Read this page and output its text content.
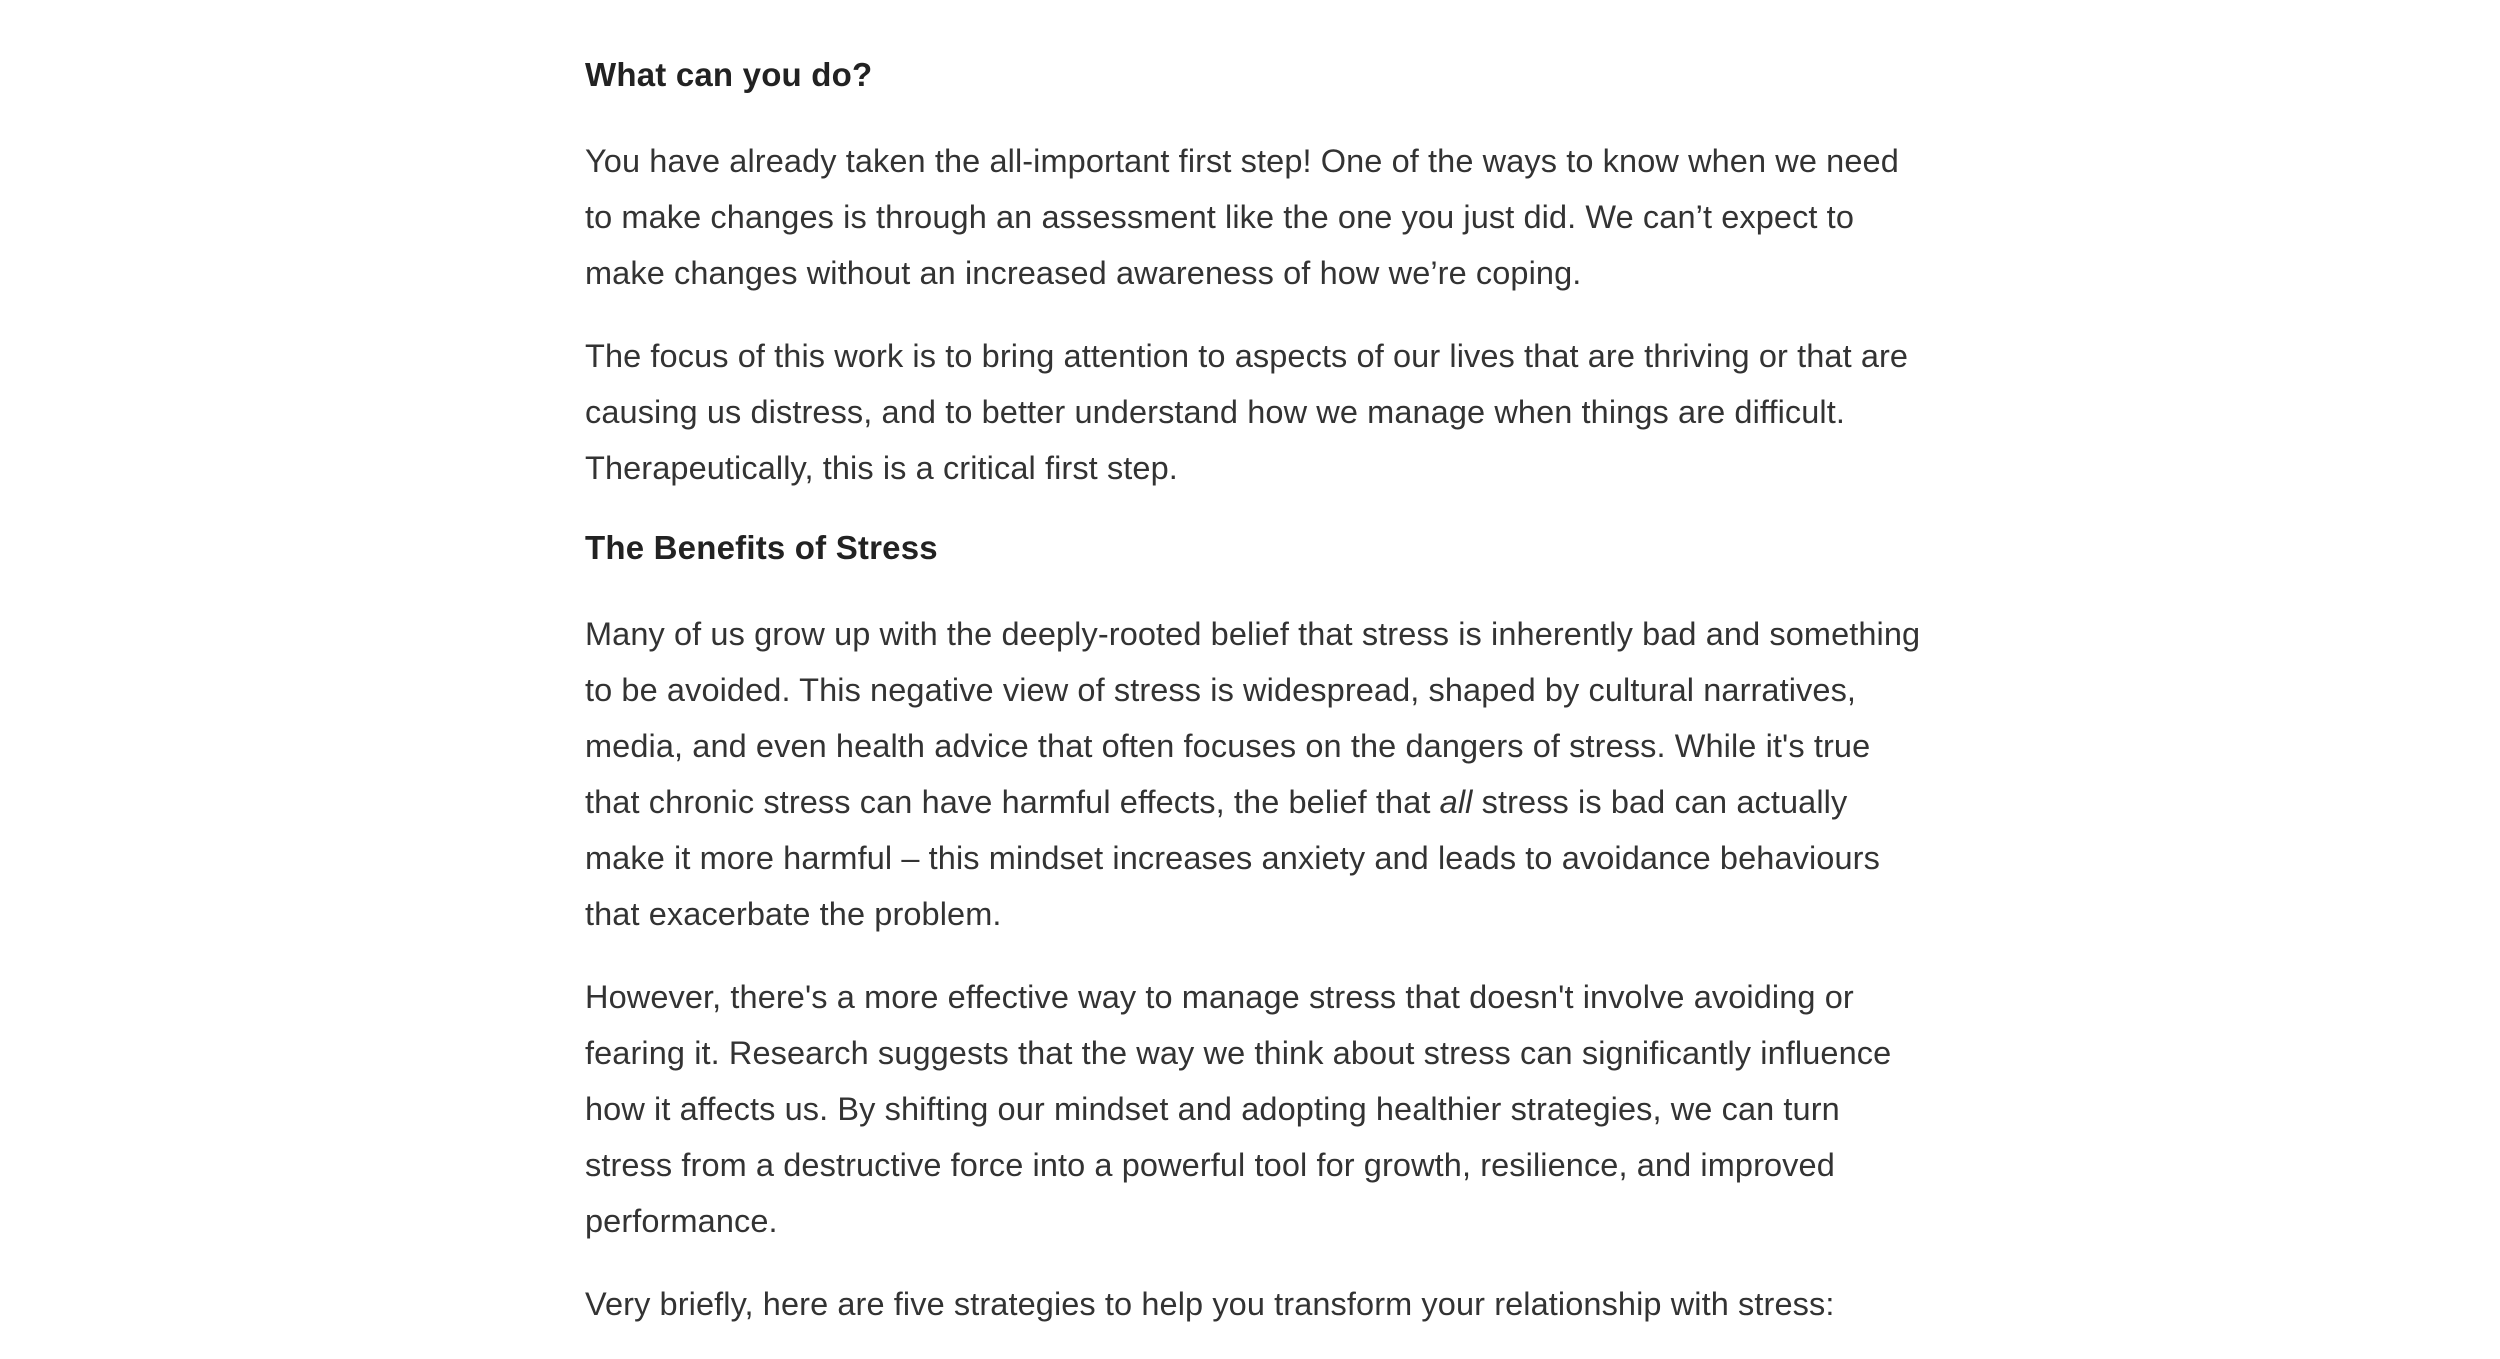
What can you do?

You have already taken the all-important first step! One of the ways to know when we need to make changes is through an assessment like the one you just did. We can’t expect to make changes without an increased awareness of how we’re coping.

The focus of this work is to bring attention to aspects of our lives that are thriving or that are causing us distress, and to better understand how we manage when things are difficult. Therapeutically, this is a critical first step.

The Benefits of Stress

Many of us grow up with the deeply-rooted belief that stress is inherently bad and something to be avoided. This negative view of stress is widespread, shaped by cultural narratives, media, and even health advice that often focuses on the dangers of stress. While it's true that chronic stress can have harmful effects, the belief that all stress is bad can actually make it more harmful – this mindset increases anxiety and leads to avoidance behaviours that exacerbate the problem.

However, there's a more effective way to manage stress that doesn't involve avoiding or fearing it. Research suggests that the way we think about stress can significantly influence how it affects us. By shifting our mindset and adopting healthier strategies, we can turn stress from a destructive force into a powerful tool for growth, resilience, and improved performance.

Very briefly, here are five strategies to help you transform your relationship with stress:
